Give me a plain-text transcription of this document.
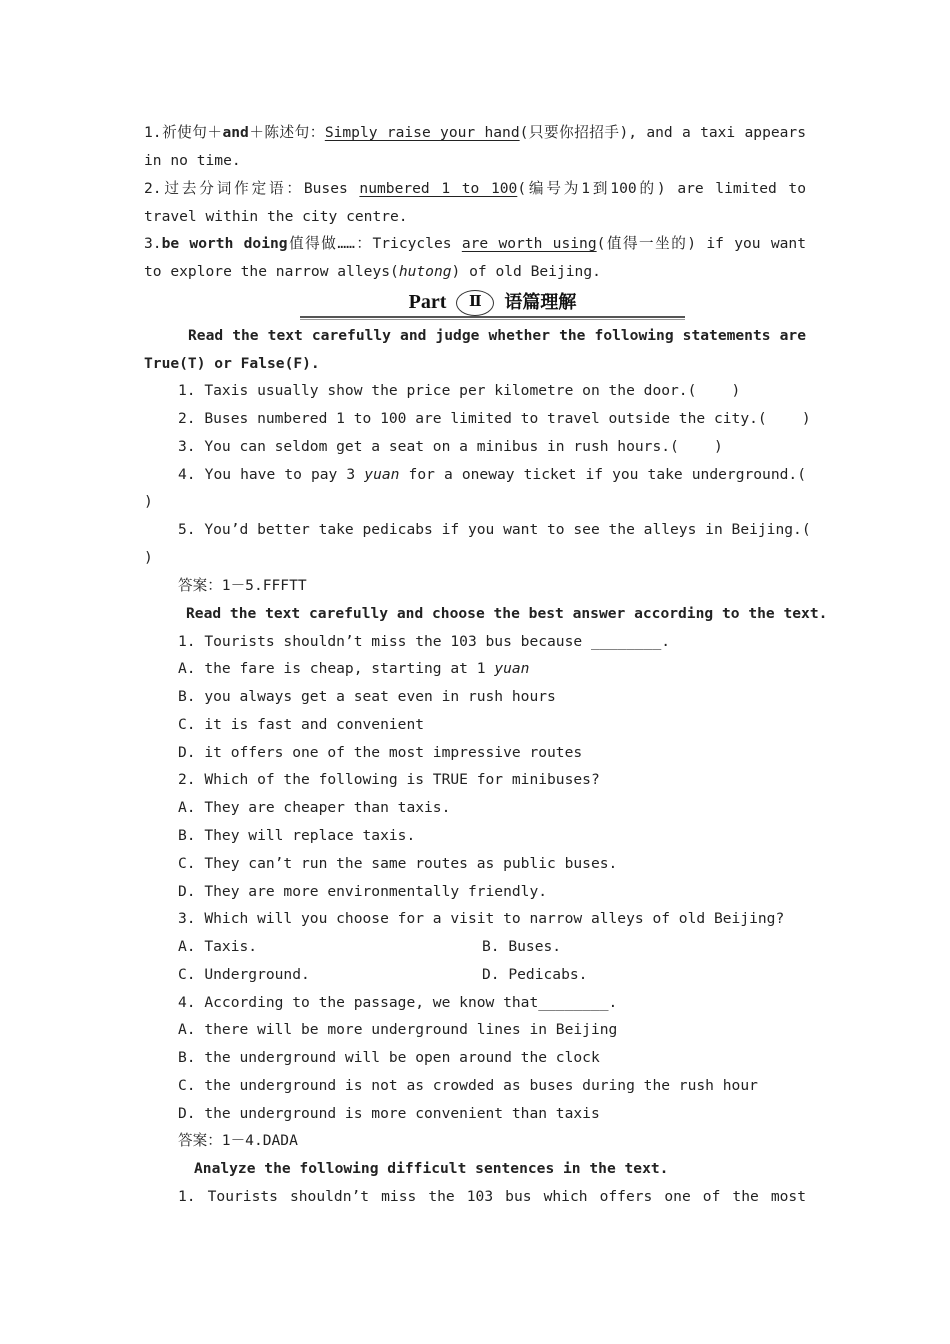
1.祈使句＋and＋陈述句：Simply raise your hand(只要你招招手), and a taxi appears
in no time.
2.过去分词作定语：Buses numbered 1 to 100(编号为1到100的) are limited to
travel within the city centre.
3.be worth doing值得做……：Tricycles are worth using(值得一坐的) if you want
to explore the narrow alleys(hutong) of old Beijing.
Part Ⅱ 语篇理解
Read the text carefully and judge whether the following statements are
True(T) or False(F).
1. Taxis usually show the price per kilometre on the door.(    )
2. Buses numbered 1 to 100 are limited to travel outside the city.(    )
3. You can seldom get a seat on a minibus in rush hours.(    )
4. You have to pay 3 yuan for a oneway ticket if you take underground.(
)
5. You’d better take pedicabs if you want to see the alleys in Beijing.(
)
答案：1－5.FFFTT
Read the text carefully and choose the best answer according to the text.
1. Tourists shouldn’t miss the 103 bus because ________.
A. the fare is cheap, starting at 1 yuan
B. you always get a seat even in rush hours
C. it is fast and convenient
D. it offers one of the most impressive routes
2. Which of the following is TRUE for minibuses?
A. They are cheaper than taxis.
B. They will replace taxis.
C. They can’t run the same routes as public buses.
D. They are more environmentally friendly.
3. Which will you choose for a visit to narrow alleys of old Beijing?
A. Taxis.	B. Buses.
C. Underground.	D. Pedicabs.
4. According to the passage, we know that________.
A. there will be more underground lines in Beijing
B. the underground will be open around the clock
C. the underground is not as crowded as buses during the rush hour
D. the underground is more convenient than taxis
答案：1－4.DADA
Analyze the following difficult sentences in the text.
1. Tourists shouldn’t miss the 103 bus which offers one of the most
